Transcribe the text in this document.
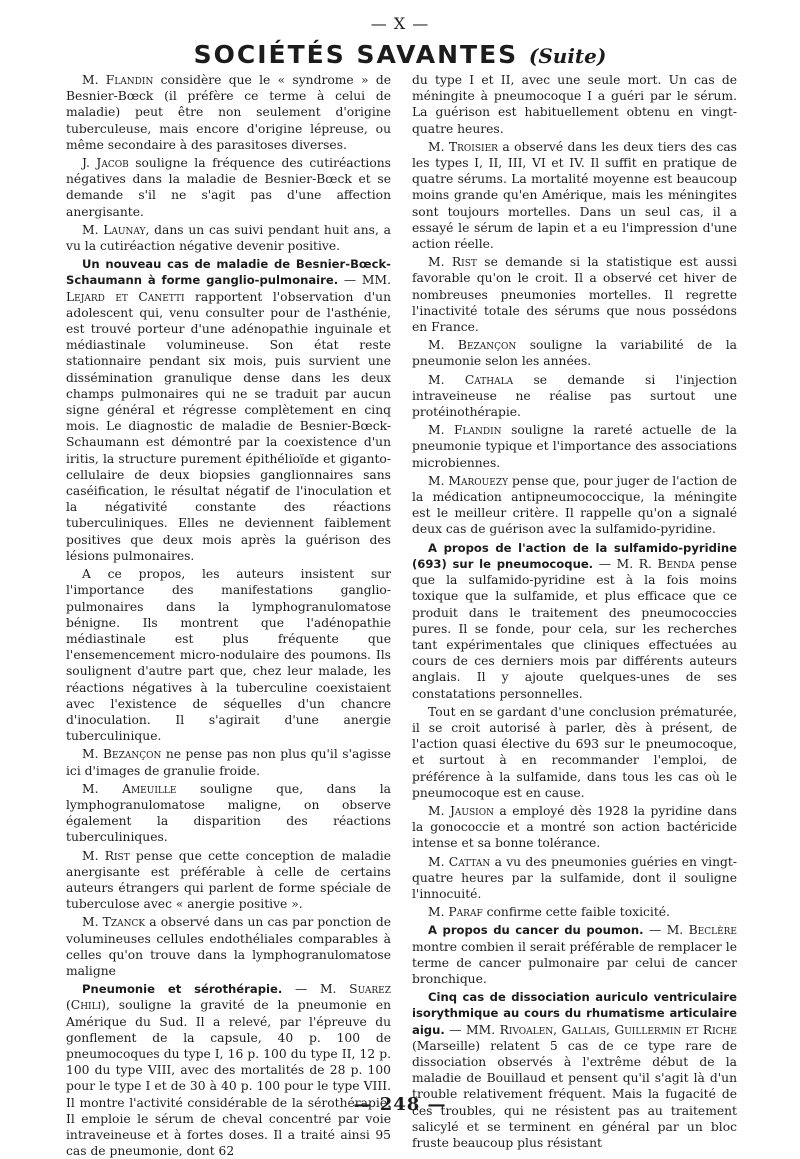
— X —
SOCIÉTÉS SAVANTES (Suite)

M. Flandin considère que le « syndrome » de Besnier-Bœck (il préfère ce terme à celui de maladie) peut être non seulement d'origine tuberculeuse, mais encore d'origine lépreuse, ou même secondaire à des parasitoses diverses.

J. Jacob souligne la fréquence des cutiréactions négatives dans la maladie de Besnier-Bœck et se demande s'il ne s'agit pas d'une affection anergisante.

M. Launay, dans un cas suivi pendant huit ans, a vu la cutiréaction négative devenir positive.

Un nouveau cas de maladie de Besnier-Bœck-Schaumann à forme ganglio-pulmonaire. — MM. Lejard et Canetti rapportent l'observation d'un adolescent qui, venu consulter pour de l'asthénie, est trouvé porteur d'une adénopathie inguinale et médiastinale volumineuse. Son état reste stationnaire pendant six mois, puis survient une dissémination granulique dense dans les deux champs pulmonaires qui ne se traduit par aucun signe général et régresse complètement en cinq mois. Le diagnostic de maladie de Besnier-Bœck-Schaumann est démontré par la coexistence d'un iritis, la structure purement épithélioïde et giganto-cellulaire de deux biopsies ganglionnaires sans caséification, le résultat négatif de l'inoculation et la négativité constante des réactions tuberculiniques. Elles ne deviennent faiblement positives que deux mois après la guérison des lésions pulmonaires.

A ce propos, les auteurs insistent sur l'importance des manifestations ganglio-pulmonaires dans la lymphogranulomatose bénigne. Ils montrent que l'adénopathie médiastinale est plus fréquente que l'ensemencement micro-nodulaire des poumons. Ils soulignent d'autre part que, chez leur malade, les réactions négatives à la tuberculine coexistaient avec l'existence de séquelles d'un chancre d'inoculation. Il s'agirait d'une anergie tuberculinique.

M. Bezançon ne pense pas non plus qu'il s'agisse ici d'images de granulie froide.

M. Ameuille souligne que, dans la lymphogranulomatose maligne, on observe également la disparition des réactions tuberculiniques.

M. Rist pense que cette conception de maladie anergisante est préférable à celle de certains auteurs étrangers qui parlent de forme spéciale de tuberculose avec « anergie positive ».

M. Tzanck a observé dans un cas par ponction de volumineuses cellules endothéliales comparables à celles qu'on trouve dans la lymphogranulomatose maligne

Pneumonie et sérothérapie. — M. Suarez (Chili), souligne la gravité de la pneumonie en Amérique du Sud. Il a relevé, par l'épreuve du gonflement de la capsule, 40 p. 100 de pneumocoques du type I, 16 p. 100 du type II, 12 p. 100 du type VIII, avec des mortalités de 28 p. 100 pour le type I et de 30 à 40 p. 100 pour le type VIII. Il montre l'activité considérable de la sérothérapie. Il emploie le sérum de cheval concentré par voie intraveineuse et à fortes doses. Il a traité ainsi 95 cas de pneumonie, dont 62

du type I et II, avec une seule mort. Un cas de méningite à pneumocoque I a guéri par le sérum. La guérison est habituellement obtenu en vingt-quatre heures.

M. Troisier a observé dans les deux tiers des cas les types I, II, III, VI et IV. Il suffit en pratique de quatre sérums. La mortalité moyenne est beaucoup moins grande qu'en Amérique, mais les méningites sont toujours mortelles. Dans un seul cas, il a essayé le sérum de lapin et a eu l'impression d'une action réelle.

M. Rist se demande si la statistique est aussi favorable qu'on le croit. Il a observé cet hiver de nombreuses pneumonies mortelles. Il regrette l'inactivité totale des sérums que nous possédons en France.

M. Bezançon souligne la variabilité de la pneumonie selon les années.

M. Cathala se demande si l'injection intraveineuse ne réalise pas surtout une protéinothérapie.

M. Flandin souligne la rareté actuelle de la pneumonie typique et l'importance des associations microbiennes.

M. Marouezy pense que, pour juger de l'action de la médication antipneumococcique, la méningite est le meilleur critère. Il rappelle qu'on a signalé deux cas de guérison avec la sulfamido-pyridine.

A propos de l'action de la sulfamido-pyridine (693) sur le pneumocoque. — M. R. Benda pense que la sulfamido-pyridine est à la fois moins toxique que la sulfamide, et plus efficace que ce produit dans le traitement des pneumococcies pures. Il se fonde, pour cela, sur les recherches tant expérimentales que cliniques effectuées au cours de ces derniers mois par différents auteurs anglais. Il y ajoute quelques-unes de ses constatations personnelles.

Tout en se gardant d'une conclusion prématurée, il se croit autorisé à parler, dès à présent, de l'action quasi élective du 693 sur le pneumocoque, et surtout à en recommander l'emploi, de préférence à la sulfamide, dans tous les cas où le pneumocoque est en cause.

M. Jausion a employé dès 1928 la pyridine dans la gonococcie et a montré son action bactéricide intense et sa bonne tolérance.

M. Cattan a vu des pneumonies guéries en vingt-quatre heures par la sulfamide, dont il souligne l'innocuité.

M. Paraf confirme cette faible toxicité.

A propos du cancer du poumon. — M. Beclère montre combien il serait préférable de remplacer le terme de cancer pulmonaire par celui de cancer bronchique.

Cinq cas de dissociation auriculo ventriculaire isorythmique au cours du rhumatisme articulaire aigu. — MM. Rivoalen, Gallais, Guillermin et Riche (Marseille) relatent 5 cas de ce type rare de dissociation observés à l'extrême début de la maladie de Bouillaud et pensent qu'il s'agit là d'un trouble relativement fréquent. Mais la fugacité de ces troubles, qui ne résistent pas au traitement salicylé et se terminent en général par un bloc fruste beaucoup plus résistant

— 248 —
